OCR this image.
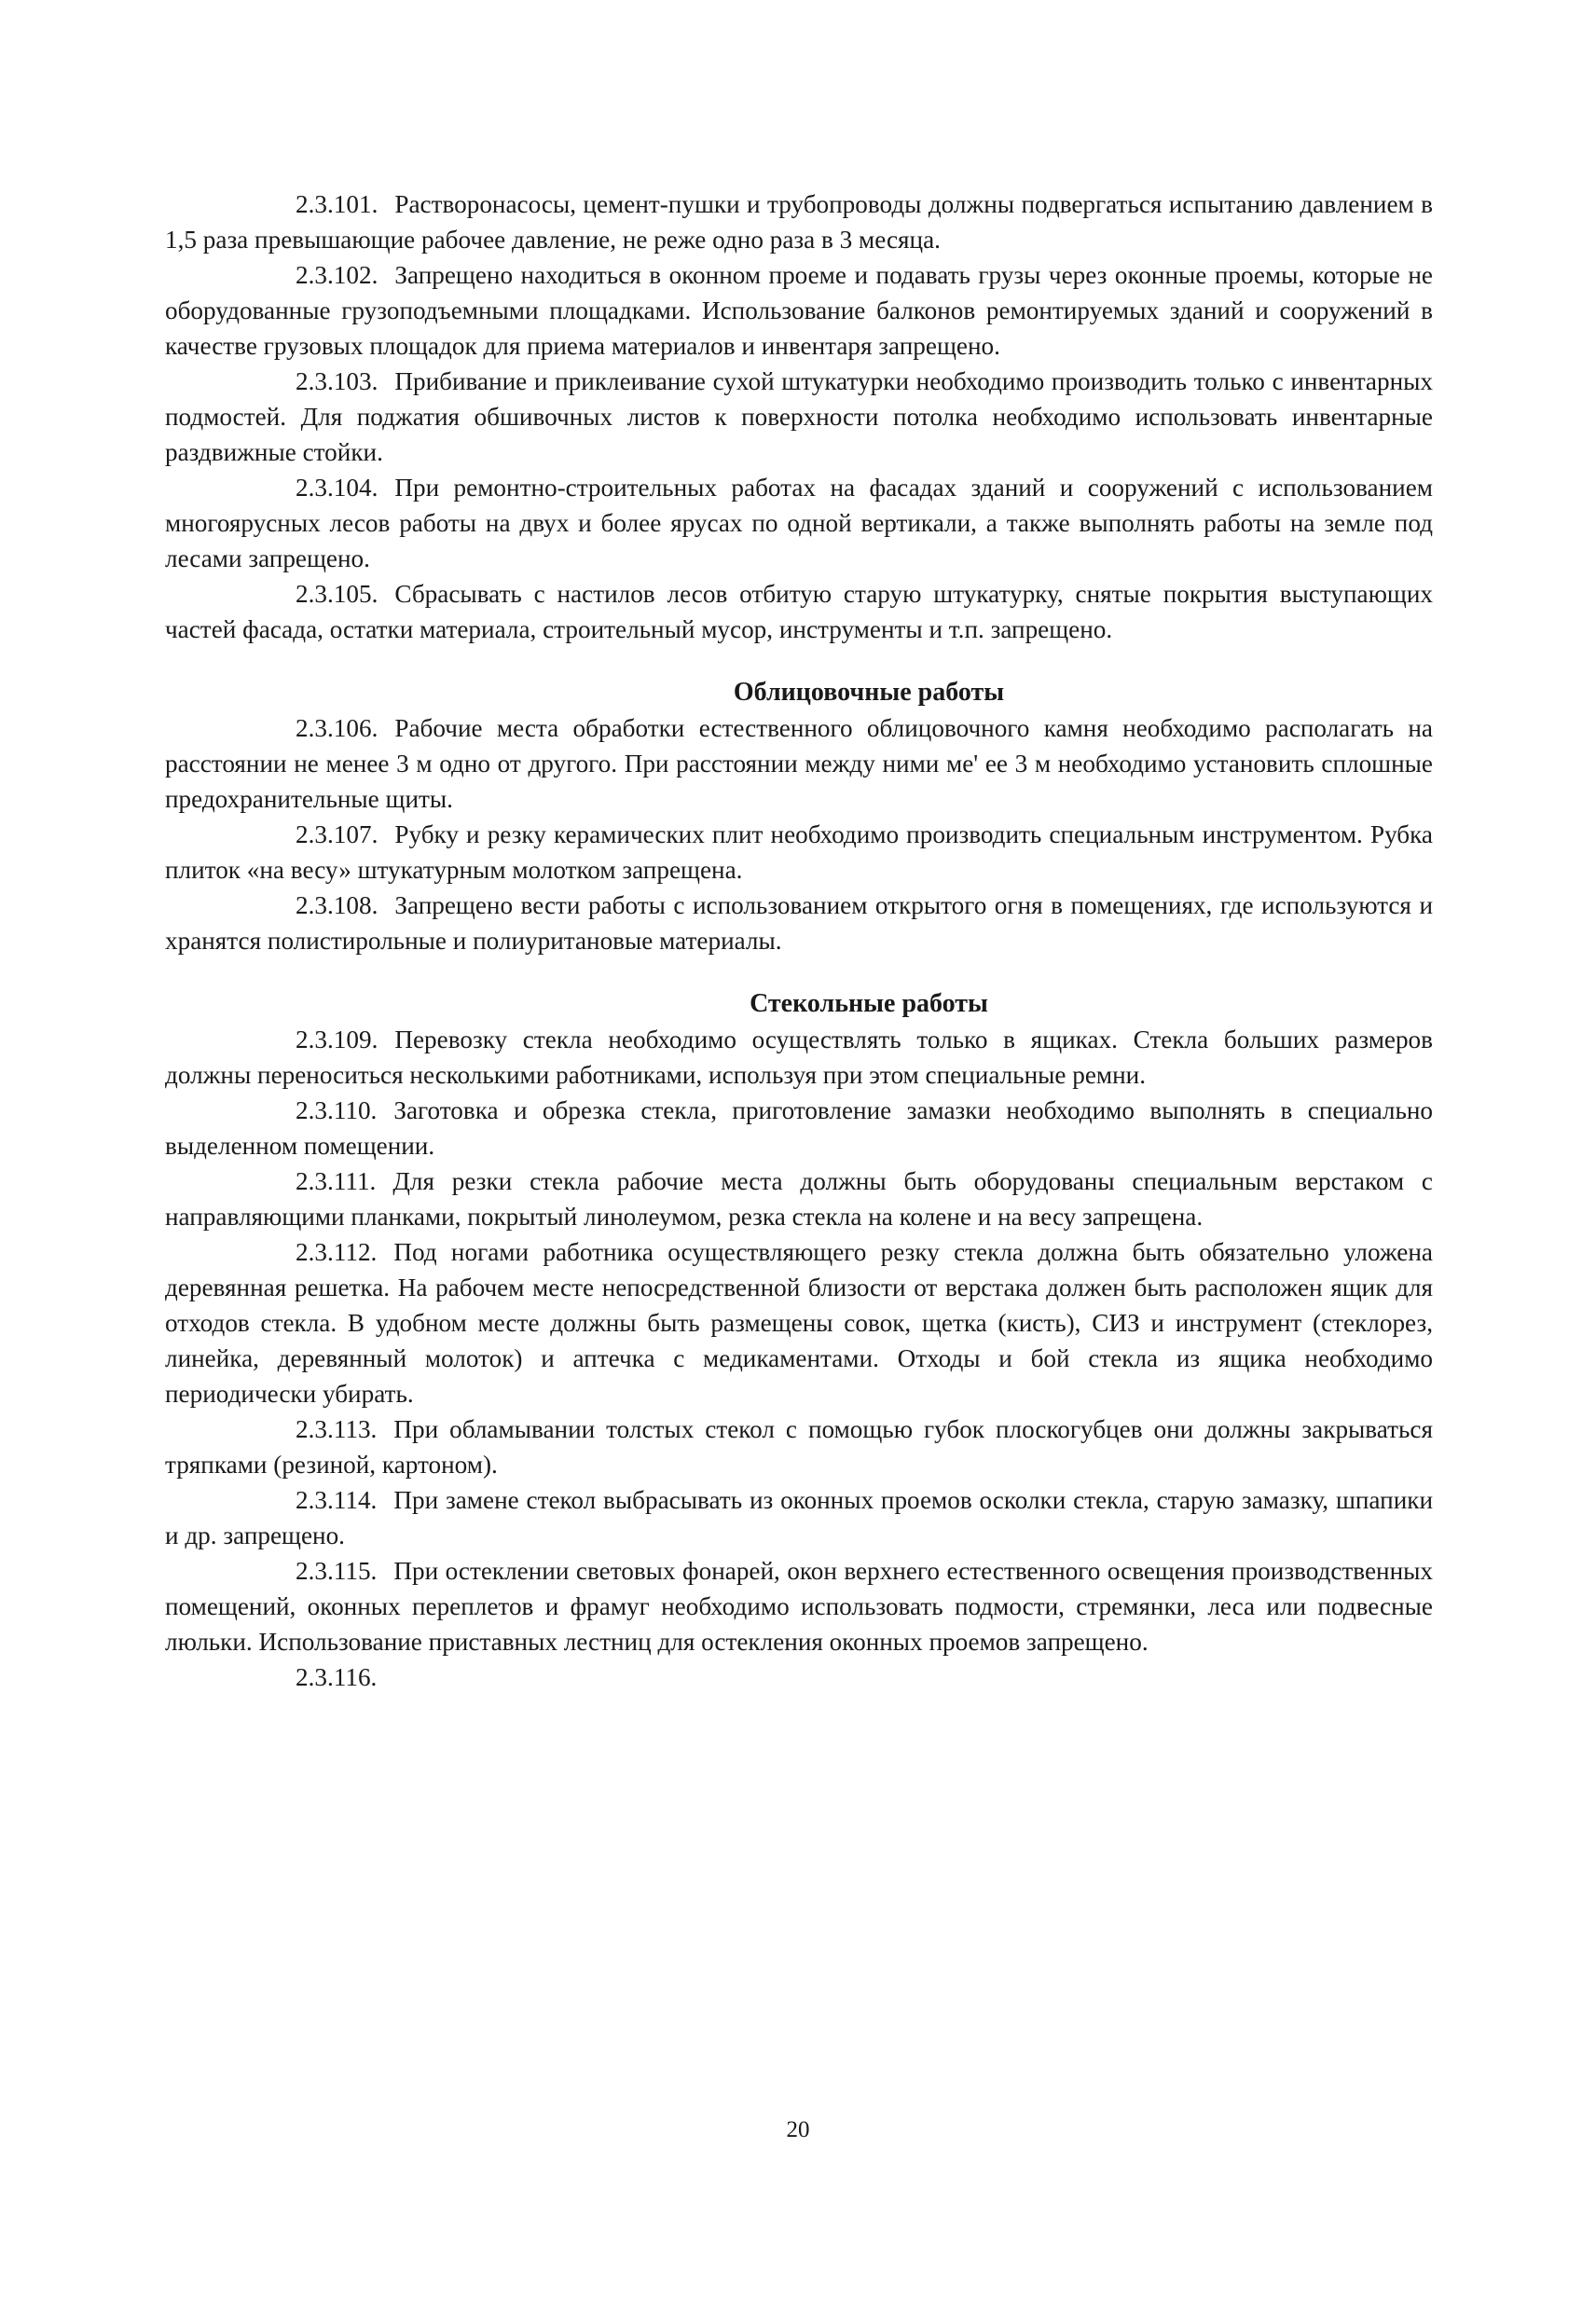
2.3.101. Растворонасосы, цемент-пушки и трубопроводы должны подвергаться испытанию давлением в 1,5 раза превышающие рабочее давление, не реже одно раза в 3 месяца.

2.3.102. Запрещено находиться в оконном проеме и подавать грузы через оконные проемы, которые не оборудованные грузоподъемными площадками. Использование балконов ремонтируемых зданий и сооружений в качестве грузовых площадок для приема материалов и инвентаря запрещено.

2.3.103. Прибивание и приклеивание сухой штукатурки необходимо производить только с инвентарных подмостей. Для поджатия обшивочных листов к поверхности потолка необходимо использовать инвентарные раздвижные стойки.

2.3.104. При ремонтно-строительных работах на фасадах зданий и сооружений с использованием многоярусных лесов работы на двух и более ярусах по одной вертикали, а также выполнять работы на земле под лесами запрещено.

2.3.105. Сбрасывать с настилов лесов отбитую старую штукатурку, снятые покрытия выступающих частей фасада, остатки материала, строительный мусор, инструменты и т.п. запрещено.

Облицовочные работы

2.3.106. Рабочие места обработки естественного облицовочного камня необходимо располагать на расстоянии не менее 3 м одно от другого. При расстоянии между ними ме' ее 3 м необходимо установить сплошные предохранительные щиты.

2.3.107. Рубку и резку керамических плит необходимо производить специальным инструментом. Рубка плиток «на весу» штукатурным молотком запрещена.

2.3.108. Запрещено вести работы с использованием открытого огня в помещениях, где используются и хранятся полистирольные и полиуритановые материалы.

Стекольные работы

2.3.109. Перевозку стекла необходимо осуществлять только в ящиках. Стекла больших размеров должны переноситься несколькими работниками, используя при этом специальные ремни.

2.3.110. Заготовка и обрезка стекла, приготовление замазки необходимо выполнять в специально выделенном помещении.

2.3.111. Для резки стекла рабочие места должны быть оборудованы специальным верстаком с направляющими планками, покрытый линолеумом, резка стекла на колене и на весу запрещена.

2.3.112. Под ногами работника осуществляющего резку стекла должна быть обязательно уложена деревянная решетка. На рабочем месте непосредственной близости от верстака должен быть расположен ящик для отходов стекла. В удобном месте должны быть размещены совок, щетка (кисть), СИЗ и инструмент (стеклорез, линейка, деревянный молоток) и аптечка с медикаментами. Отходы и бой стекла из ящика необходимо периодически убирать.

2.3.113. При обламывании толстых стекол с помощью губок плоскогубцев они должны закрываться тряпками (резиной, картоном).

2.3.114. При замене стекол выбрасывать из оконных проемов осколки стекла, старую замазку, шпапики и др. запрещено.

2.3.115. При остеклении световых фонарей, окон верхнего естественного освещения производственных помещений, оконных переплетов и фрамуг необходимо использовать подмости, стремянки, леса или подвесные люльки. Использование приставных лестниц для остекления оконных проемов запрещено.

2.3.116.

20
